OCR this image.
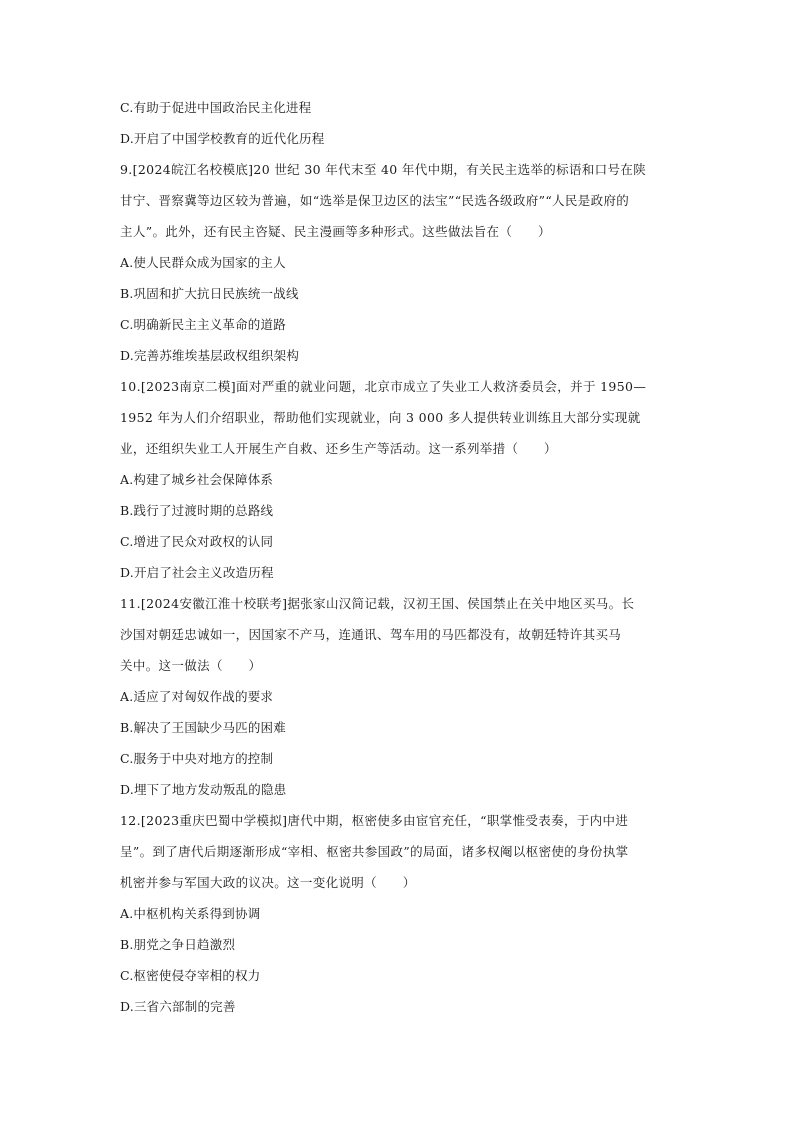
C.有助于促进中国政治民主化进程
D.开启了中国学校教育的近代化历程
9.[2024皖江名校模底]20 世纪 30 年代末至 40 年代中期，有关民主选举的标语和口号在陕
甘宁、晋察冀等边区较为普遍，如“选举是保卫边区的法宝”“民选各级政府”“人民是政府的
主人”。此外，还有民主咨疑、民主漫画等多种形式。这些做法旨在（　　）
A.使人民群众成为国家的主人
B.巩固和扩大抗日民族统一战线
C.明确新民主主义革命的道路
D.完善苏维埃基层政权组织架构
10.[2023南京二模]面对严重的就业问题，北京市成立了失业工人救济委员会，并于 1950—
1952 年为人们介绍职业，帮助他们实现就业，向 3 000 多人提供转业训练且大部分实现就
业，还组织失业工人开展生产自救、还乡生产等活动。这一系列举措（　　）
A.构建了城乡社会保障体系
B.践行了过渡时期的总路线
C.增进了民众对政权的认同
D.开启了社会主义改造历程
11.[2024安徽江淮十校联考]据张家山汉简记载，汉初王国、侯国禁止在关中地区买马。长
沙国对朝廷忠诚如一，因国家不产马，连通讯、驾车用的马匹都没有，故朝廷特许其买马
关中。这一做法（　　）
A.适应了对匈奴作战的要求
B.解决了王国缺少马匹的困难
C.服务于中央对地方的控制
D.埋下了地方发动叛乱的隐患
12.[2023重庆巴蜀中学模拟]唐代中期，枢密使多由宦官充任，“职掌惟受表奏，于内中进
呈”。到了唐代后期逐渐形成“宰相、枢密共参国政”的局面，诸多权阉以枢密使的身份执掌
机密并参与军国大政的议决。这一变化说明（　　）
A.中枢机构关系得到协调
B.朋党之争日趋激烈
C.枢密使侵夺宰相的权力
D.三省六部制的完善
